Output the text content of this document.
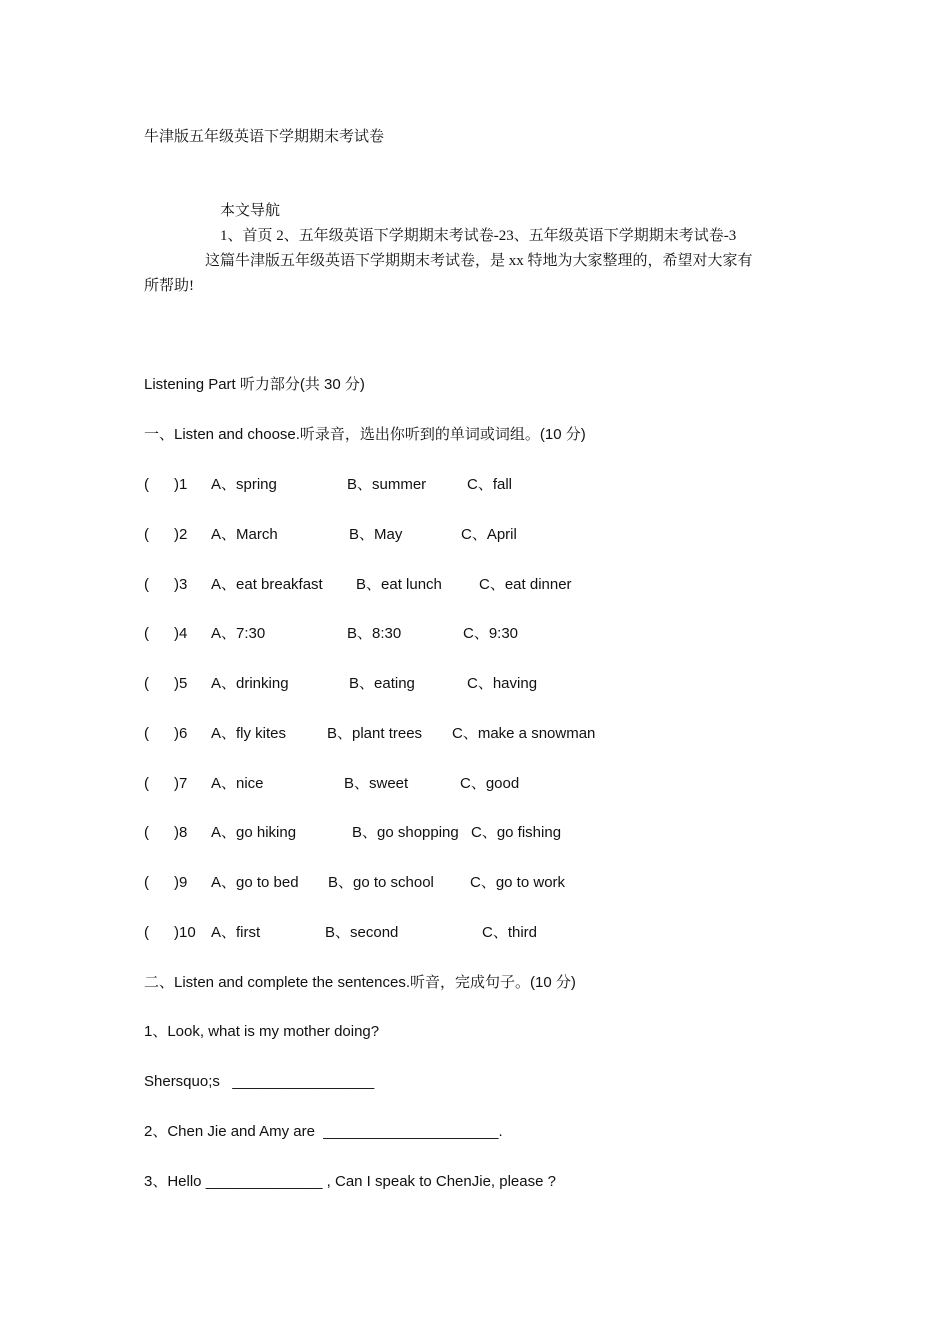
牛津版五年级英语下学期期末考试卷

本文导航

1、首页 2、五年级英语下学期期末考试卷-23、五年级英语下学期期末考试卷-3

这篇牛津版五年级英语下学期期末考试卷，是 xx 特地为大家整理的，希望对大家有

所帮助!

Listening Part 听力部分(共 30 分)

一、Listen and choose.听录音，选出你听到的单词或词组。(10 分)

( )1 A、spring	B、summer	C、fall
( )2 A、March	B、May	C、April
( )3 A、eat breakfast B、eat lunch C、eat dinner
( )4 A、7:30	B、8:30	C、9:30
( )5 A、drinking	B、eating	C、having
( )6 A、fly kites	B、plant trees C、make a snowman
( )7 A、nice	B、sweet	C、good
( )8 A、go hiking	B、go shopping C、go fishing
( )9 A、go to bed B、go to school C、go to work
( )10 A、first	B、second	C、third

二、Listen and complete the sentences.听音，完成句子。(10 分)

1、Look, what is my mother doing?

Shersquo;s   _________________

2、Chen Jie and Amy are  _____________________.

3、Hello ______________ , Can I speak to ChenJie, please ?
